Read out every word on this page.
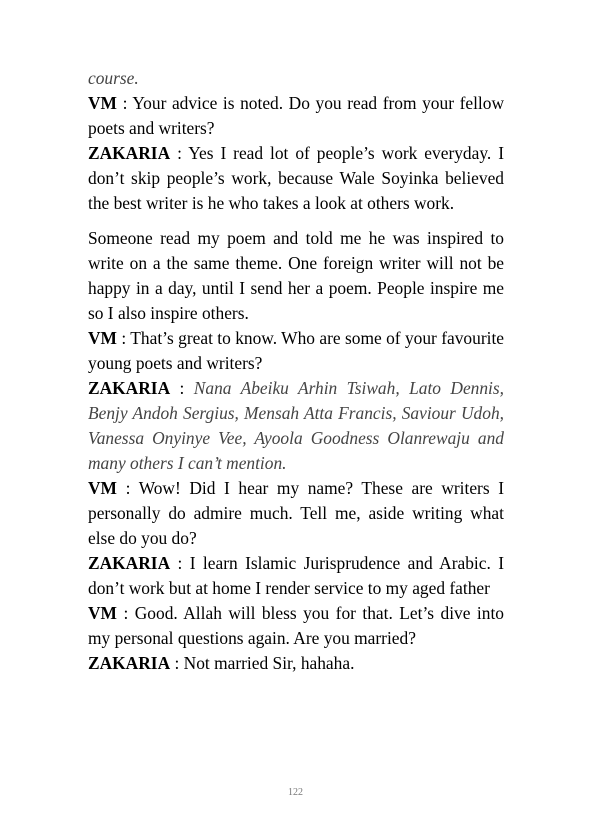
course.

VM : Your advice is noted. Do you read from your fellow poets and writers?

ZAKARIA : Yes I read lot of people’s work everyday. I don’t skip people’s work, because Wale Soyinka believed the best writer is he who takes a look at others work.

Someone read my poem and told me he was inspired to write on a the same theme. One foreign writer will not be happy in a day, until I send her a poem. People inspire me so I also inspire others.

VM : That’s great to know. Who are some of your favourite young poets and writers?

ZAKARIA : Nana Abeiku Arhin Tsiwah, Lato Dennis, Benjy Andoh Sergius, Mensah Atta Francis, Saviour Udoh, Vanessa Onyinye Vee, Ayoola Goodness Olanrewaju and many others I can’t mention.

VM : Wow! Did I hear my name? These are writers I personally do admire much. Tell me, aside writing what else do you do?

ZAKARIA : I learn Islamic Jurisprudence and Arabic. I don’t work but at home I render service to my aged father

VM : Good. Allah will bless you for that. Let’s dive into my personal questions again. Are you married?

ZAKARIA : Not married Sir, hahaha.

122
